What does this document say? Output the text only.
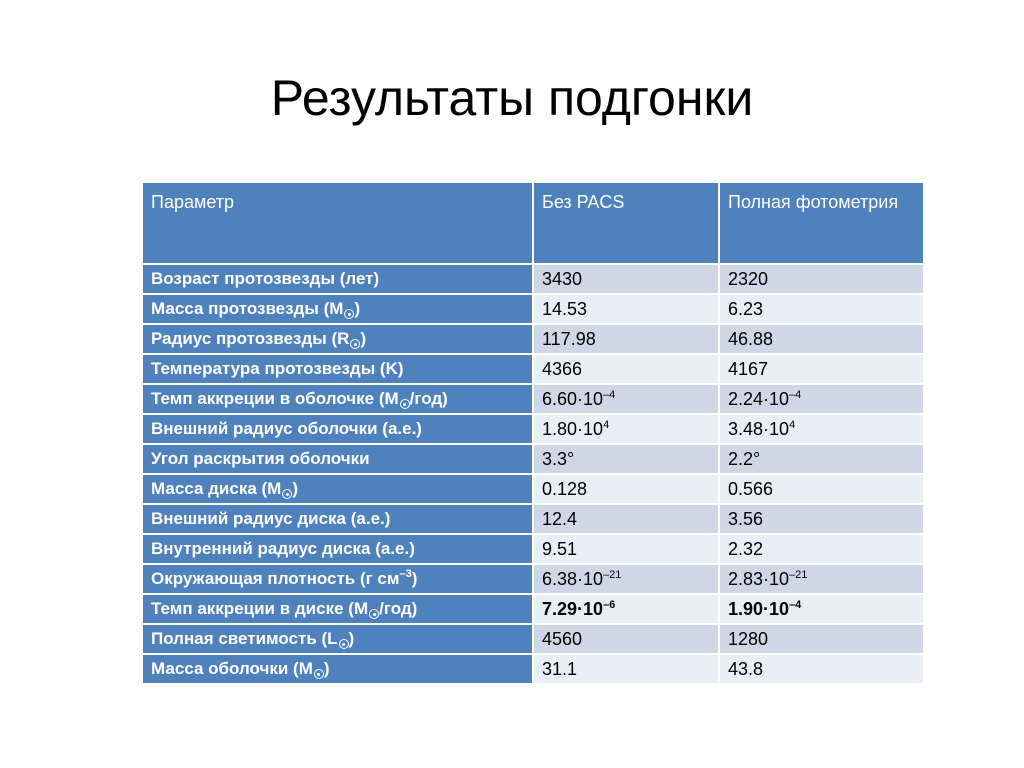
Результаты подгонки
Параметр	Без PACS	Полная фотометрия
Возраст протозвезды (лет)	3430	2320
Масса протозвезды (M )	14.53	6.23
Радиус протозвезды (R )	117.98	46.88
Температура протозвезды (K)	4366	4167
Темп аккреции в оболочке (M /год)	$6.60\cdot 10^{-4}$	$2.24\cdot 10^{-4}$
Внешний радиус оболочки (а.е.)	$1.80\cdot 10^4$	$3.48\cdot 10^4$
Угол раскрытия оболочки	3.3°	2.2°
Масса диска (M )	0.128	0.566
Внешний радиус диска (а.е.)	12.4	3.56
Внутренний радиус диска (а.е.)	9.51	2.32
Окружающая плотность (г $см^{-3}$)	$6.38\cdot 10^{-21}$	$2.83\cdot 10^{-21}$
Темп аккреции в диске (M /год)	$7.29\cdot 10^{-6}$	$1.90\cdot 10^{-4}$
Полная светимость (L )	4560	1280
Масса оболочки (M )	31.1	43.8
